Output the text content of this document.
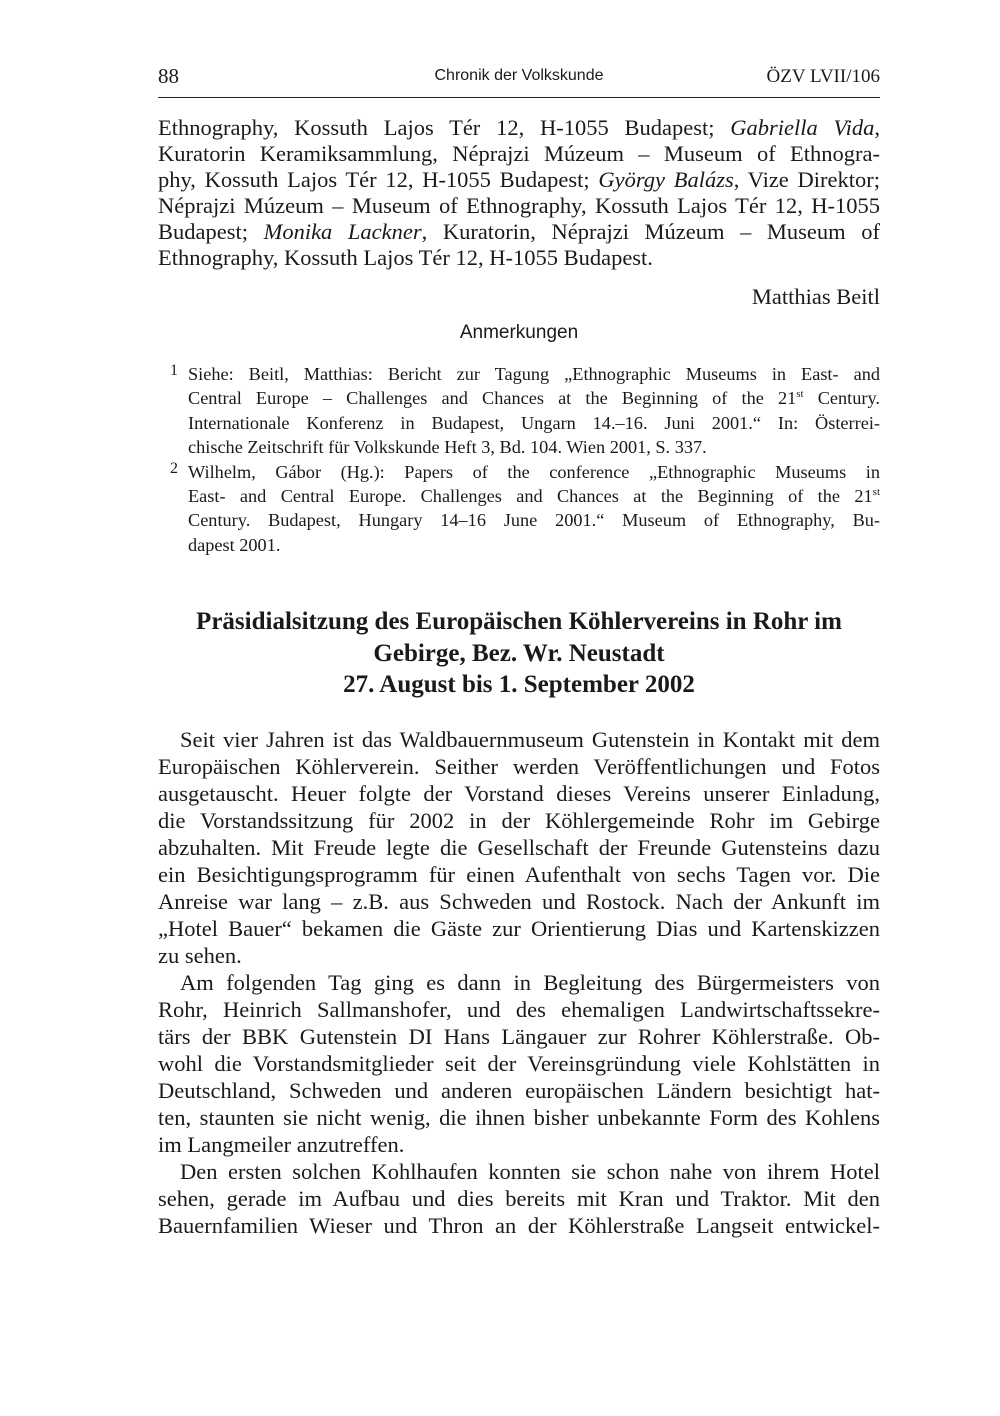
88	Chronik der Volkskunde	ÖZV LVII/106
Ethnography, Kossuth Lajos Tér 12, H-1055 Budapest; Gabriella Vida,
Kuratorin Keramiksammlung, Néprajzi Múzeum – Museum of Ethnogra-
phy, Kossuth Lajos Tér 12, H-1055 Budapest; György Balázs, Vize Direktor;
Néprajzi Múzeum – Museum of Ethnography, Kossuth Lajos Tér 12, H-1055
Budapest; Monika Lackner, Kuratorin, Néprajzi Múzeum – Museum of
Ethnography, Kossuth Lajos Tér 12, H-1055 Budapest.
Matthias Beitl
Anmerkungen
1 Siehe: Beitl, Matthias: Bericht zur Tagung „Ethnographic Museums in East- and
Central Europe – Challenges and Chances at the Beginning of the 21st Century.
Internationale Konferenz in Budapest, Ungarn 14.–16. Juni 2001.“ In: Österrei-
chische Zeitschrift für Volkskunde Heft 3, Bd. 104. Wien 2001, S. 337.
2 Wilhelm, Gábor (Hg.): Papers of the conference „Ethnographic Museums in
East- and Central Europe. Challenges and Chances at the Beginning of the 21st
Century. Budapest, Hungary 14–16 June 2001.“ Museum of Ethnography, Bu-
dapest 2001.
Präsidialsitzung des Europäischen Köhlervereins in Rohr im
Gebirge, Bez. Wr. Neustadt
27. August bis 1. September 2002
Seit vier Jahren ist das Waldbauernmuseum Gutenstein in Kontakt mit dem
Europäischen Köhlerverein. Seither werden Veröffentlichungen und Fotos
ausgetauscht. Heuer folgte der Vorstand dieses Vereins unserer Einladung,
die Vorstandssitzung für 2002 in der Köhlergemeinde Rohr im Gebirge
abzuhalten. Mit Freude legte die Gesellschaft der Freunde Gutensteins dazu
ein Besichtigungsprogramm für einen Aufenthalt von sechs Tagen vor. Die
Anreise war lang – z.B. aus Schweden und Rostock. Nach der Ankunft im
„Hotel Bauer“ bekamen die Gäste zur Orientierung Dias und Kartenskizzen
zu sehen.
Am folgenden Tag ging es dann in Begleitung des Bürgermeisters von
Rohr, Heinrich Sallmanshofer, und des ehemaligen Landwirtschaftssekre-
tärs der BBK Gutenstein DI Hans Längauer zur Rohrer Köhlerstraße. Ob-
wohl die Vorstandsmitglieder seit der Vereinsgründung viele Kohlstätten in
Deutschland, Schweden und anderen europäischen Ländern besichtigt hat-
ten, staunten sie nicht wenig, die ihnen bisher unbekannte Form des Kohlens
im Langmeiler anzutreffen.
Den ersten solchen Kohlhaufen konnten sie schon nahe von ihrem Hotel
sehen, gerade im Aufbau und dies bereits mit Kran und Traktor. Mit den
Bauernfamilien Wieser und Thron an der Köhlerstraße Langseit entwickel-
